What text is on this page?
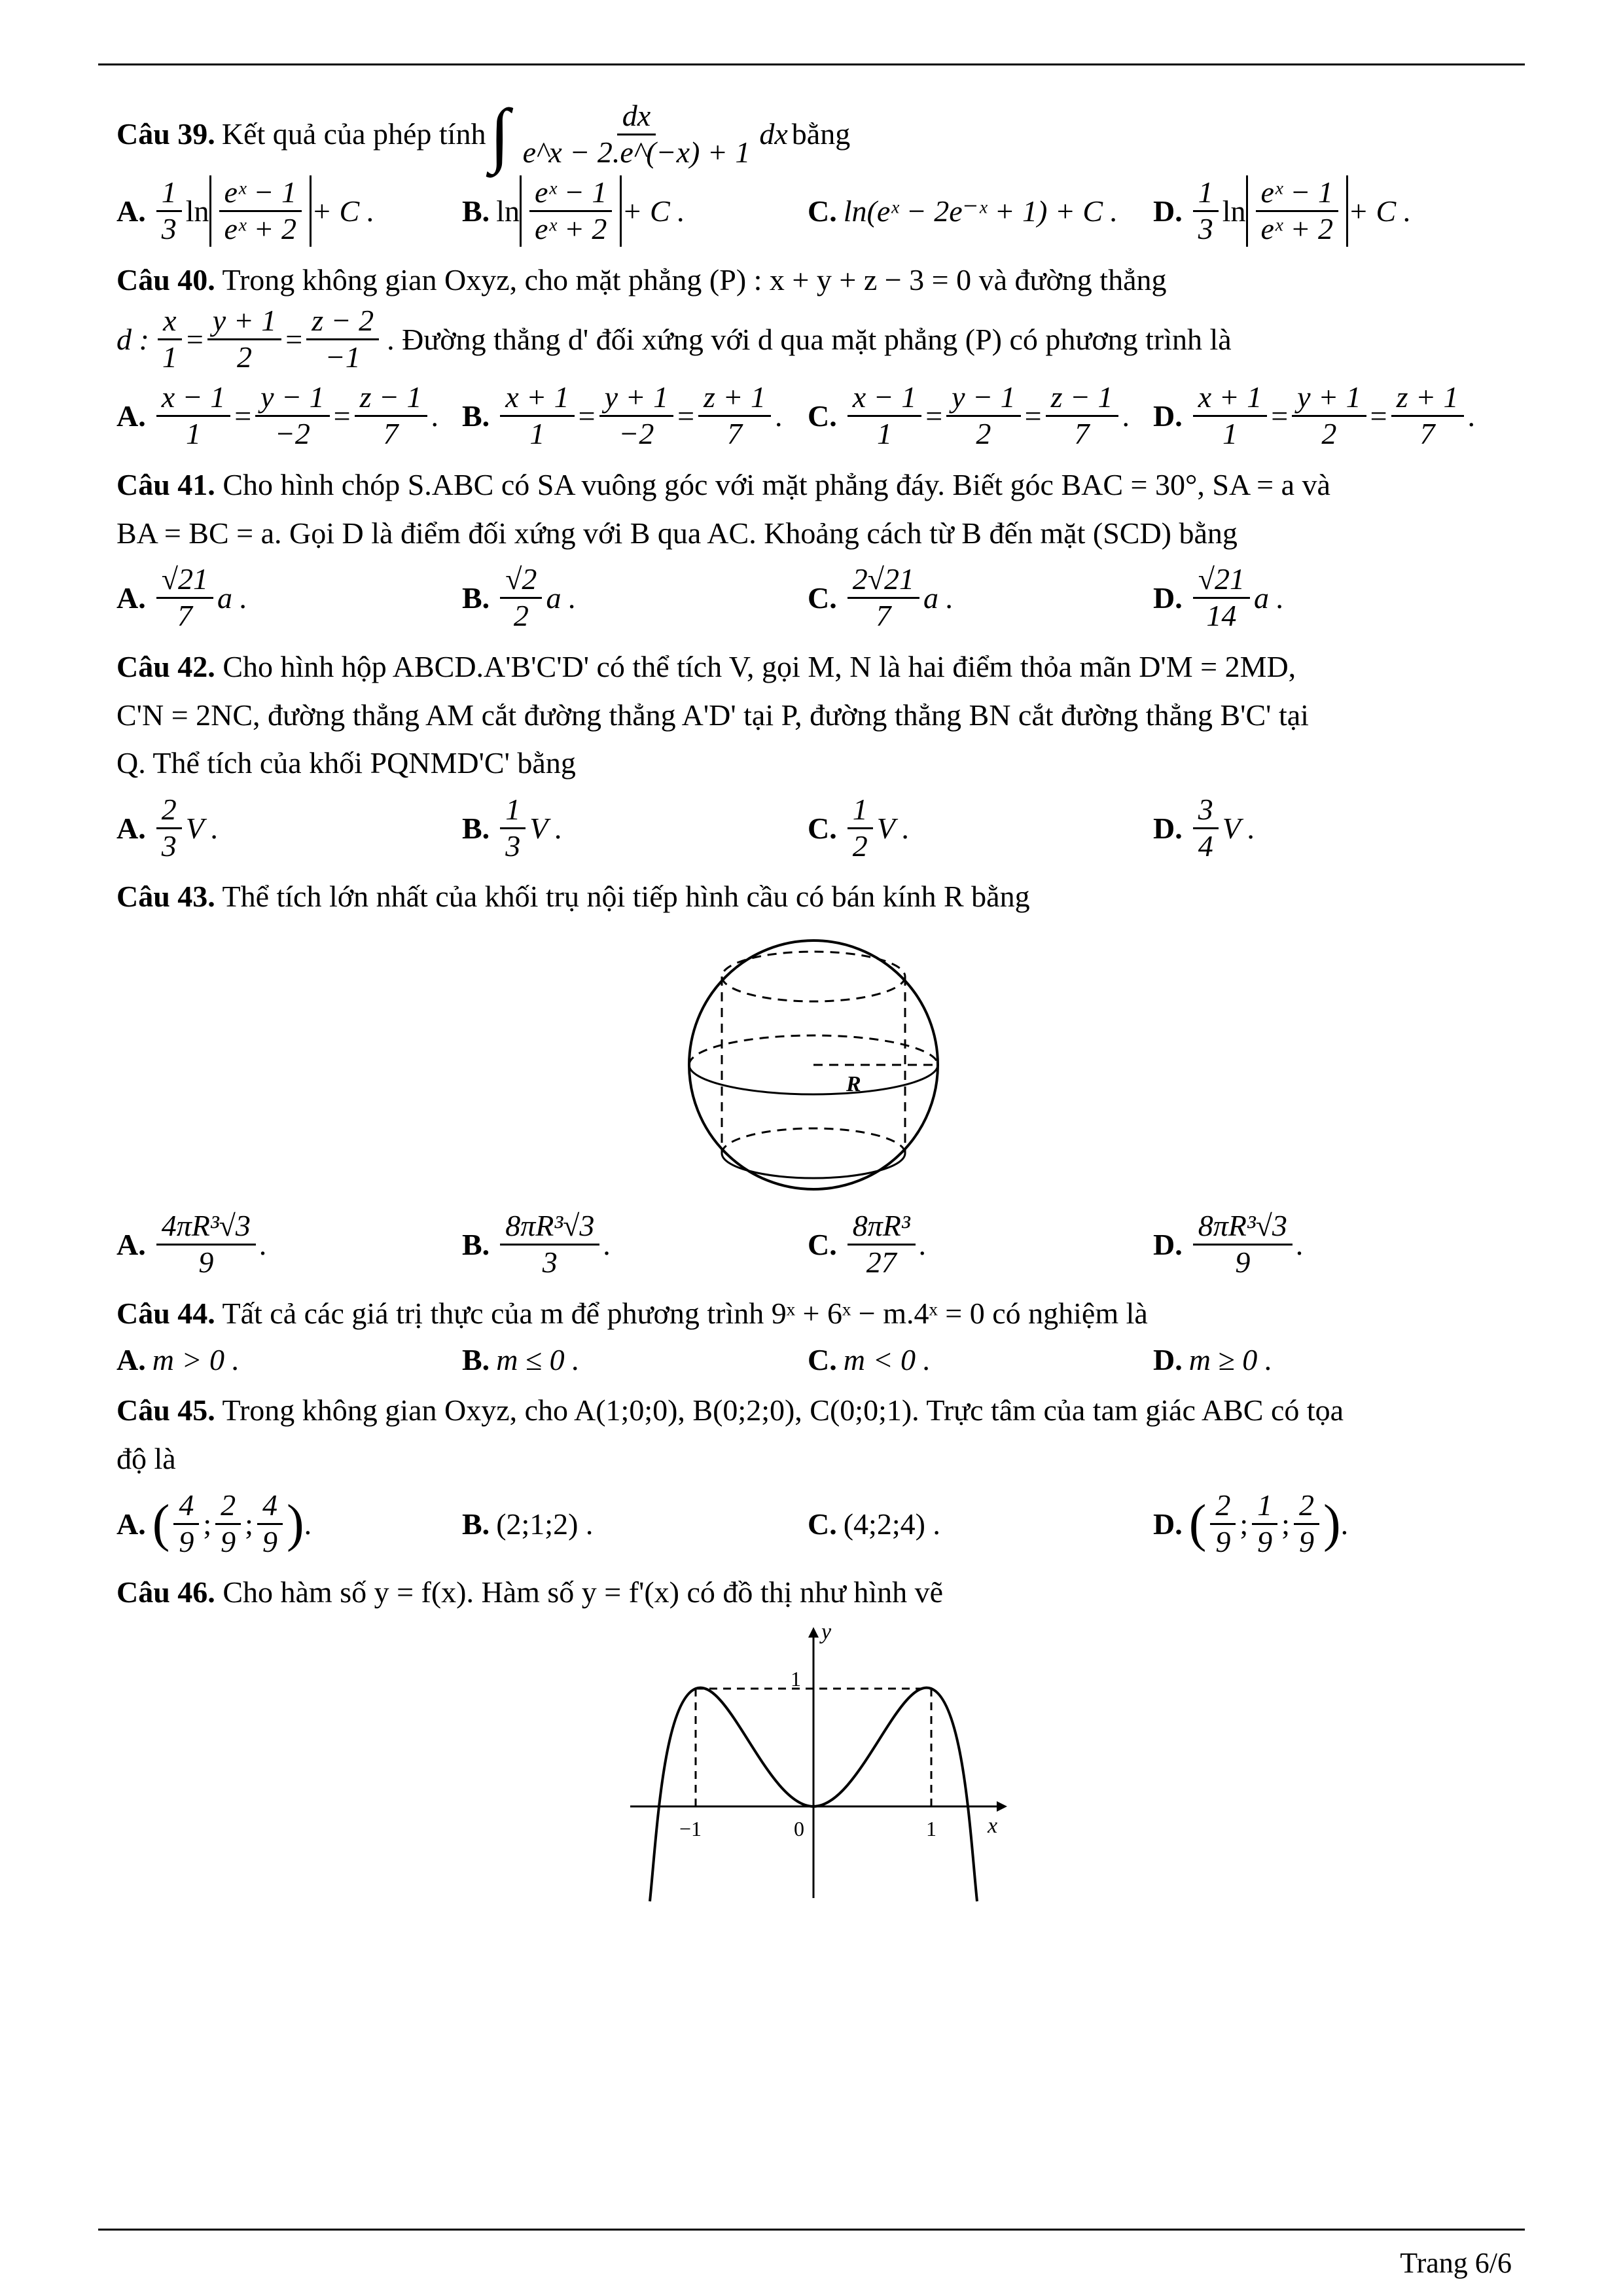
Câu 39. Kết quả của phép tính ∫ $\frac{dx}{e\^{}x - 2.e\^{}(-x) + 1}$ dx bằng
A. $\frac{1}{3}$ $\ln \frac{\text{eˣ − 1}}{\text{eˣ + 2}} + C$ .	B. $\ln \frac{\text{eˣ − 1}}{\text{eˣ + 2}} + C$ .	C. ln(eˣ − 2e⁻ˣ + 1) + C . D. $\frac{1}{3}$ $\ln \frac{\text{eˣ − 1}}{\text{eˣ + 2}} + C$ .
Câu 40. Trong không gian Oxyz, cho mặt phẳng (P) : x + y + z − 3 = 0 và đường thẳng
d : $\frac{x}{1} = \frac{y + 1}{2} = \frac{z - 2}{-1}$ . Đường thẳng d' đối xứng với d qua mặt phẳng (P) có phương trình là
A. $\frac{x - 1}{1} = \frac{y - 1}{-2} = \frac{z - 1}{7}$ . B. $\frac{x + 1}{1} = \frac{y + 1}{-2} = \frac{z + 1}{7}$ . C. $\frac{x - 1}{1} = \frac{y - 1}{2} = \frac{z - 1}{7}$ . D. $\frac{x + 1}{1} = \frac{y + 1}{2} = \frac{z + 1}{7}$ .
Câu 41. Cho hình chóp S.ABC có SA vuông góc với mặt phẳng đáy. Biết góc BAC = 30°, SA = a và
BA = BC = a. Gọi D là điểm đối xứng với B qua AC. Khoảng cách từ B đến mặt (SCD) bằng
A. $\frac{√21}{7}$ a .	B. $\frac{√2}{2}$ a .	C. $\frac{2√21}{7}$ a .	D. $\frac{√21}{14}$ a .
Câu 42. Cho hình hộp ABCD.A'B'C'D' có thể tích V, gọi M, N là hai điểm thỏa mãn D'M = 2MD,
C'N = 2NC, đường thẳng AM cắt đường thẳng A'D' tại P, đường thẳng BN cắt đường thẳng B'C' tại
Q. Thể tích của khối PQNMD'C' bằng
A. $\frac{2}{3}$ V .	B. $\frac{1}{3}$ V .	C. $\frac{1}{2}$ V .	D. $\frac{3}{4}$ V .
Câu 43. Thể tích lớn nhất của khối trụ nội tiếp hình cầu có bán kính R bằng
R
A. $\frac{\text{4πR³√3}}{9}$ .	B. $\frac{\text{8πR³√3}}{3}$ .	C. $\frac{\text{8πR³}}{27}$ .	D. $\frac{\text{8πR³√3}}{9}$ .
Câu 44. Tất cả các giá trị thực của m để phương trình 9ˣ + 6ˣ − m.4ˣ = 0 có nghiệm là
A. m > 0 .	B. m ≤ 0 .	C. m < 0 .	D. m ≥ 0 .
Câu 45. Trong không gian Oxyz, cho A(1;0;0), B(0;2;0), C(0;0;1). Trực tâm của tam giác ABC có tọa
độ là
A. ( $\frac{4}{9}$ ; $\frac{2}{9}$ ; $\frac{4}{9}$ ) .	B. (2;1;2) .	C. (4;2;4) .	D. ( $\frac{2}{9}$ ; $\frac{1}{9}$ ; $\frac{2}{9}$ ) .
Câu 46. Cho hàm số y = f(x). Hàm số y = f'(x) có đồ thị như hình vẽ
y
x
1
−1	0	1
Trang 6/6
